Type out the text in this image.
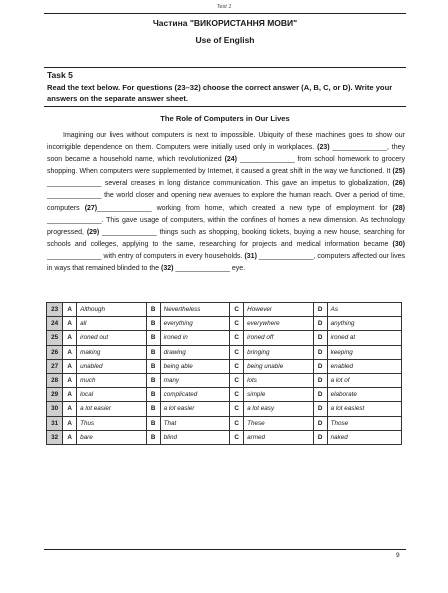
Test 1
Частина "ВИКОРИСТАННЯ МОВИ"
Use of English
Task 5
Read the text below. For questions (23–32) choose the correct answer (A, B, C, or D). Write your answers on the separate answer sheet.
The Role of Computers in Our Lives
Imagining our lives without computers is next to impossible. Ubiquity of these machines goes to show our incorrigible dependence on them. Computers were initially used only in workplaces. (23) ______________, they soon became a household name, which revolutionized (24) ______________ from school homework to grocery shopping. When computers were supplemented by Internet, it caused a great shift in the way we functioned. It (25) ______________ several creases in long distance communication. This gave an impetus to globalization, (26) ______________ the world closer and opening new avenues to explore the human reach. Over a period of time, computers (27)______________ working from home, which created a new type of employment for (28) ______________. This gave usage of computers, within the confines of homes a new dimension. As technology progressed, (29) ______________ things such as shopping, booking tickets, buying a new house, searching for schools and colleges, applying to the same, researching for projects and medical information became (30) ______________ with entry of computers in every households. (31) ______________, computers affected our lives in ways that remained blinded to the (32) ______________ eye.
23	A	Although	B	Nevertheless	C	However	D	As
24	A	all	B	everything	C	everywhere	D	anything
25	A	ironed out	B	ironed in	C	ironed off	D	ironed at
26	A	making	B	drawing	C	bringing	D	keeping
27	A	unabled	B	being able	C	being unable	D	enabled
28	A	much	B	many	C	lots	D	a lot of
29	A	local	B	complicated	C	simple	D	elaborate
30	A	a lot easier	B	a lot easier	C	a lot easy	D	a lot easiest
31	A	Thus	B	That	C	These	D	Those
32	A	bare	B	blind	C	armed	D	naked
9
